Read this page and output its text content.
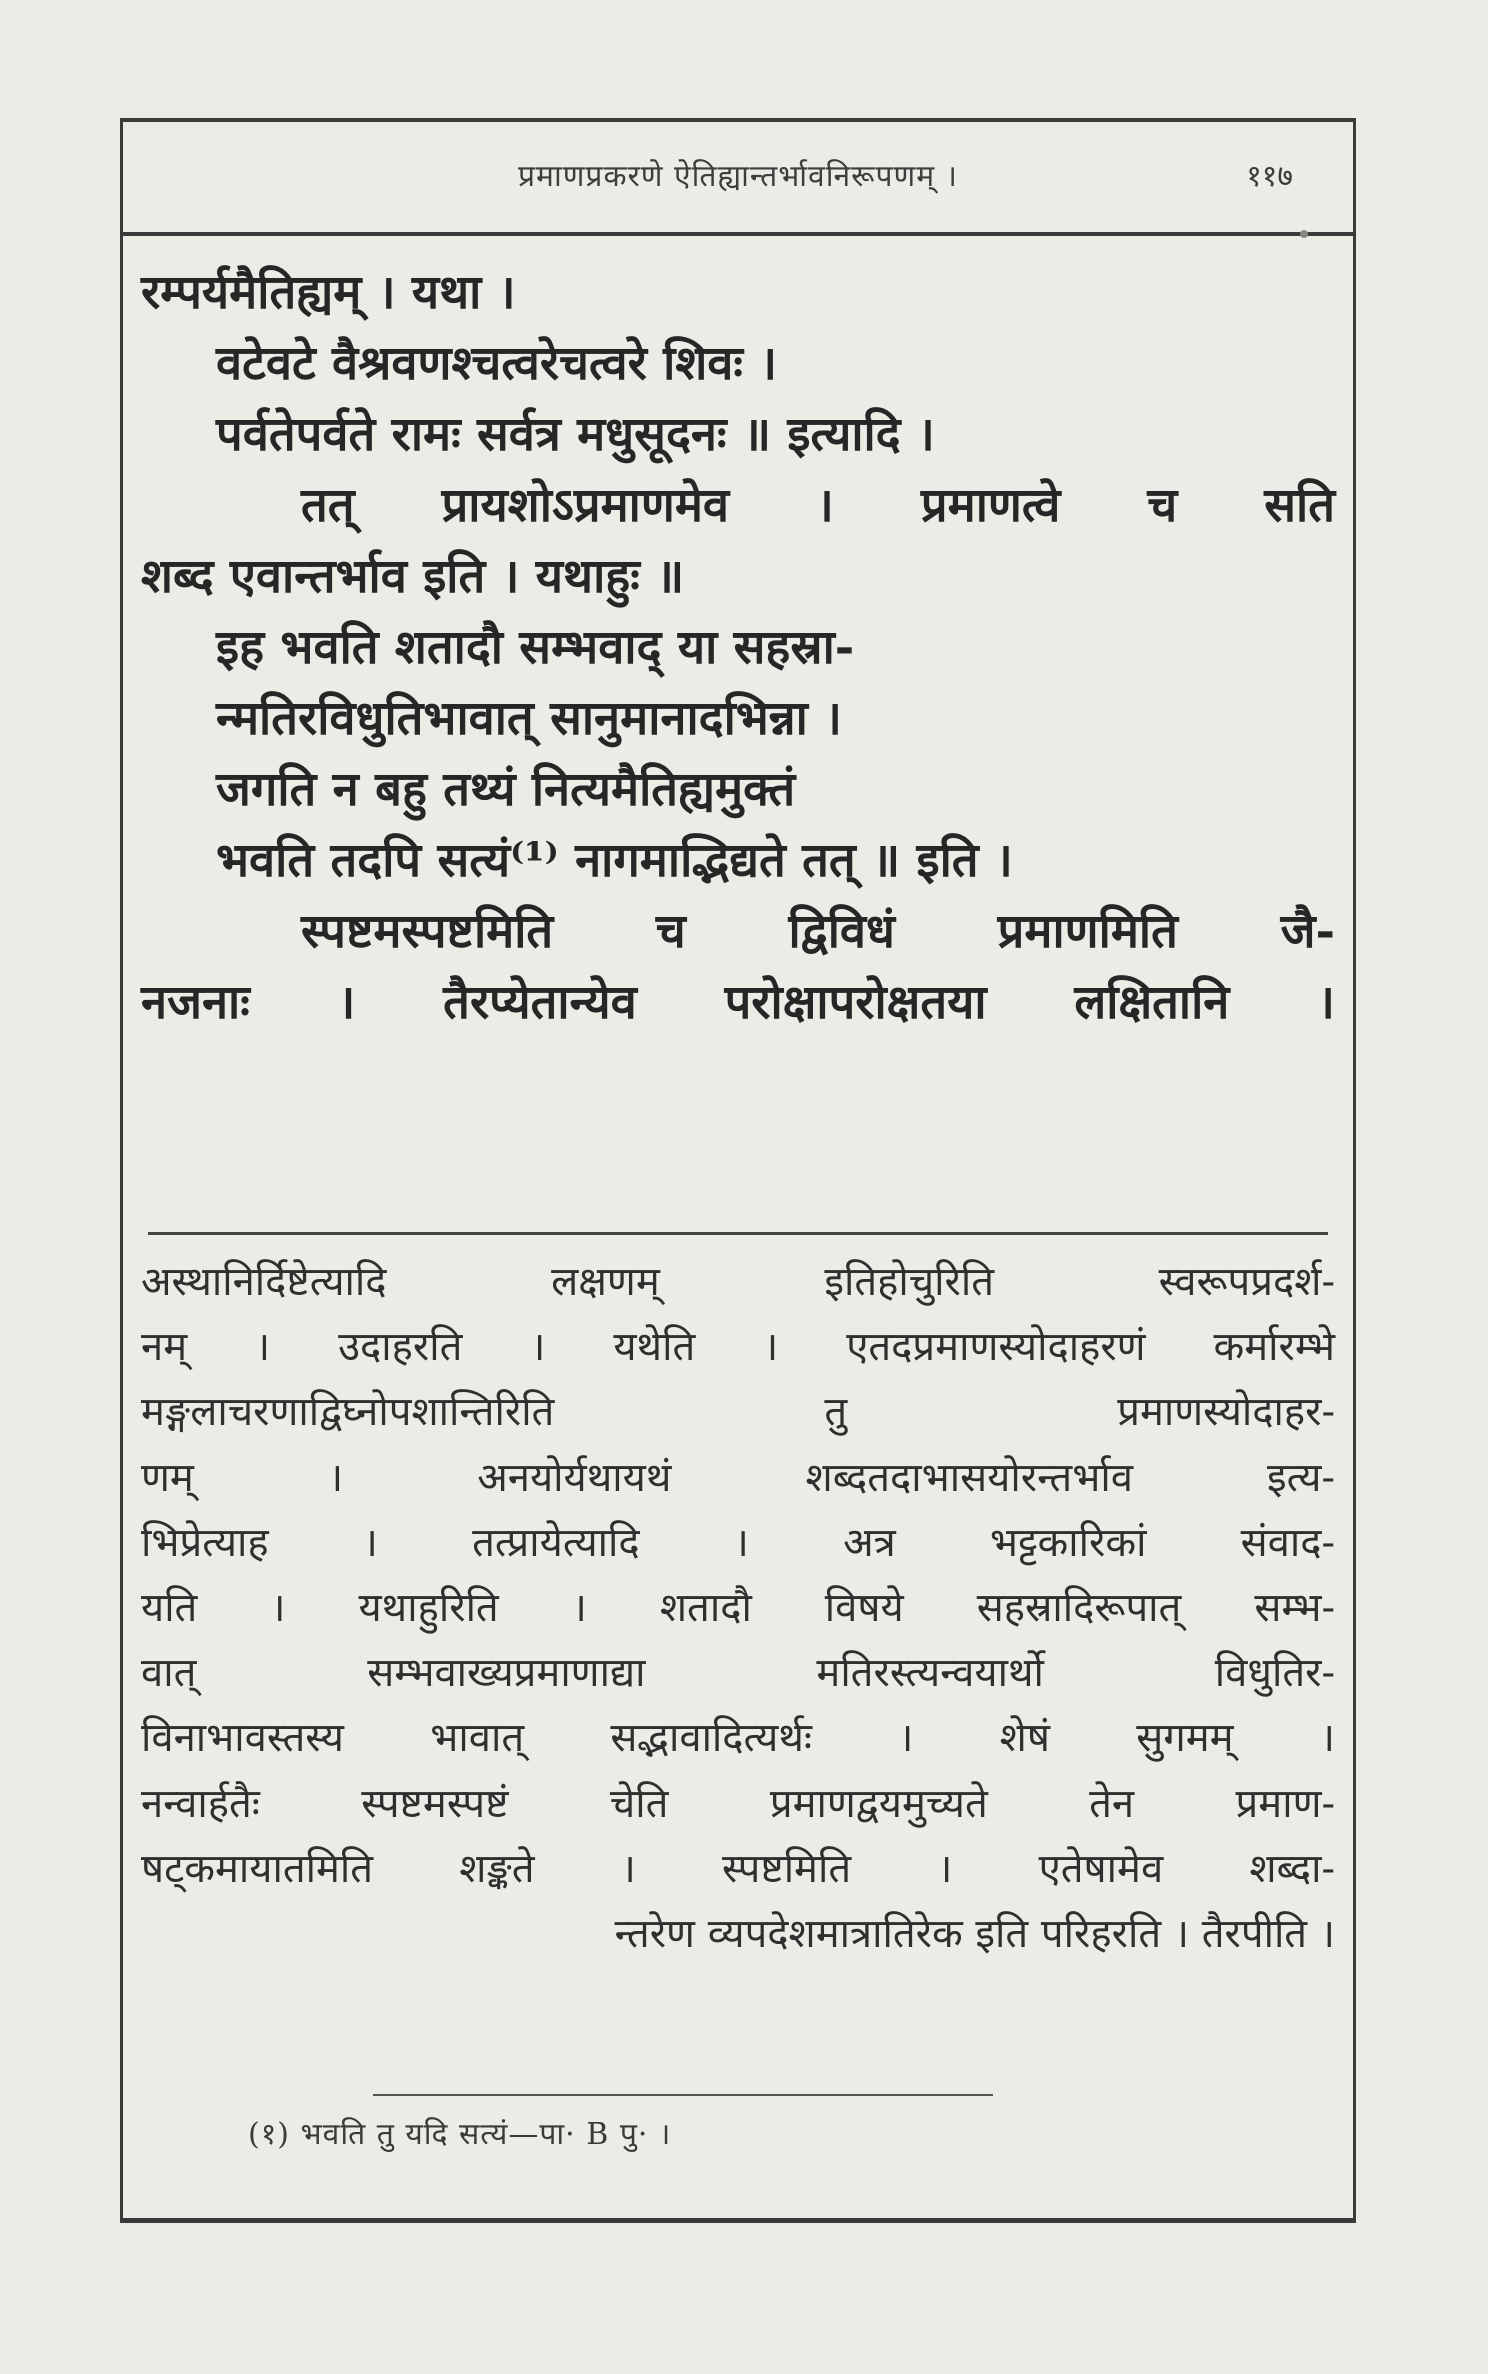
प्रमाणप्रकरणे ऐतिह्यान्तर्भावनिरूपणम् ।	११७
रम्पर्यमैतिह्यम् । यथा ।
वटेवटे वैश्रवणश्चत्वरेचत्वरे शिवः ।
पर्वतेपर्वते रामः सर्वत्र मधुसूदनः ॥ इत्यादि ।
तत् प्रायशोऽप्रमाणमेव । प्रमाणत्वे च सति
शब्द एवान्तर्भाव इति । यथाहुः ॥
इह भवति शतादौ सम्भवाद् या सहस्रा-
न्मतिरविधुतिभावात् सानुमानादभिन्ना ।
जगति न बहु तथ्यं नित्यमैतिह्यमुक्तं
भवति तदपि सत्यं⁽¹⁾ नागमाद्भिद्यते तत् ॥ इति ।
स्पष्टमस्पष्टमिति च द्विविधं प्रमाणमिति जै-
नजनाः । तैरप्येतान्येव परोक्षापरोक्षतया लक्षितानि ।
अस्थानिर्दिष्टेत्यादि लक्षणम् इतिहोचुरिति स्वरूपप्रदर्श-
नम् । उदाहरति । यथेति । एतदप्रमाणस्योदाहरणं कर्मारम्भे
मङ्गलाचरणाद्विघ्नोपशान्तिरिति तु प्रमाणस्योदाहर-
णम् । अनयोर्यथायथं शब्दतदाभासयोरन्तर्भाव इत्य-
भिप्रेत्याह । तत्प्रायेत्यादि । अत्र भट्टकारिकां संवाद-
यति । यथाहुरिति । शतादौ विषये सहस्रादिरूपात् सम्भ-
वात् सम्भवाख्यप्रमाणाद्या मतिरस्त्यन्वयार्थो विधुतिर-
विनाभावस्तस्य भावात् सद्भावादित्यर्थः । शेषं सुगमम् ।
नन्वार्हतैः स्पष्टमस्पष्टं चेति प्रमाणद्वयमुच्यते तेन प्रमाण-
षट्कमायातमिति शङ्कते । स्पष्टमिति । एतेषामेव शब्दा-
न्तरेण व्यपदेशमात्रातिरेक इति परिहरति । तैरपीति ।
(१) भवति तु यदि सत्यं—पा· B पु· ।
